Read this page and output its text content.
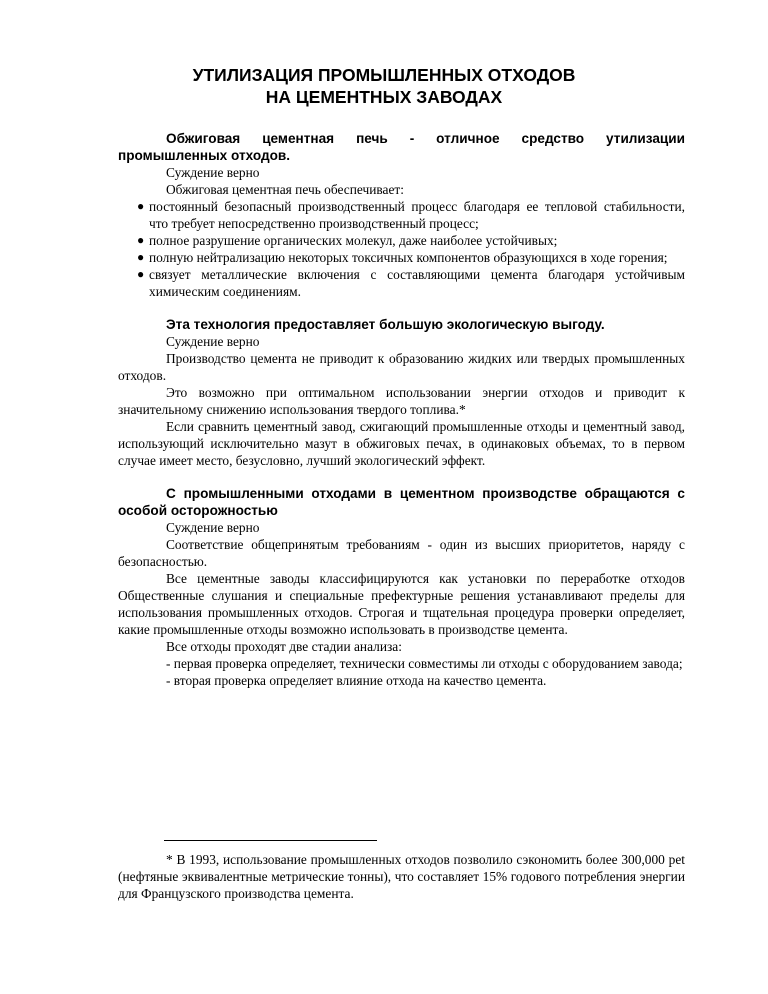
УТИЛИЗАЦИЯ ПРОМЫШЛЕННЫХ ОТХОДОВ
НА ЦЕМЕНТНЫХ ЗАВОДАХ

Обжиговая цементная печь - отличное средство утилизации промышленных отходов.

Суждение верно

Обжиговая цементная печь обеспечивает:

● постоянный безопасный производственный процесс благодаря ее тепловой стабильности, что требует непосредственно производственный процесс;
● полное разрушение органических молекул, даже наиболее устойчивых;
● полную нейтрализацию некоторых токсичных компонентов образующихся в ходе горения;
● связует металлические включения с составляющими цемента благодаря устойчивым химическим соединениям.

Эта технология предоставляет большую экологическую выгоду.

Суждение верно

Производство цемента не приводит к образованию жидких или твердых промышленных отходов.

Это возможно при оптимальном использовании энергии отходов и приводит к значительному снижению использования твердого топлива.*

Если сравнить цементный завод, сжигающий промышленные отходы и цементный завод, использующий исключительно мазут в обжиговых печах, в одинаковых объемах, то в первом случае имеет место, безусловно, лучший экологический эффект.

С промышленными отходами в цементном производстве обращаются с особой осторожностью

Суждение верно

Соответствие общепринятым требованиям - один из высших приоритетов, наряду с безопасностью.

Все цементные заводы классифицируются как установки по переработке отходов Общественные слушания и специальные префектурные решения устанавливают пределы для использования промышленных отходов. Строгая и тщательная процедура проверки определяет, какие промышленные отходы возможно использовать в производстве цемента.

Все отходы проходят две стадии анализа:

- первая проверка определяет, технически совместимы ли отходы с оборудованием завода;

- вторая проверка определяет влияние отхода на качество цемента.

* В 1993, использование промышленных отходов позволило сэкономить более 300,000 pet (нефтяные эквивалентные метрические тонны), что составляет 15% годового потребления энергии для Французского производства цемента.
